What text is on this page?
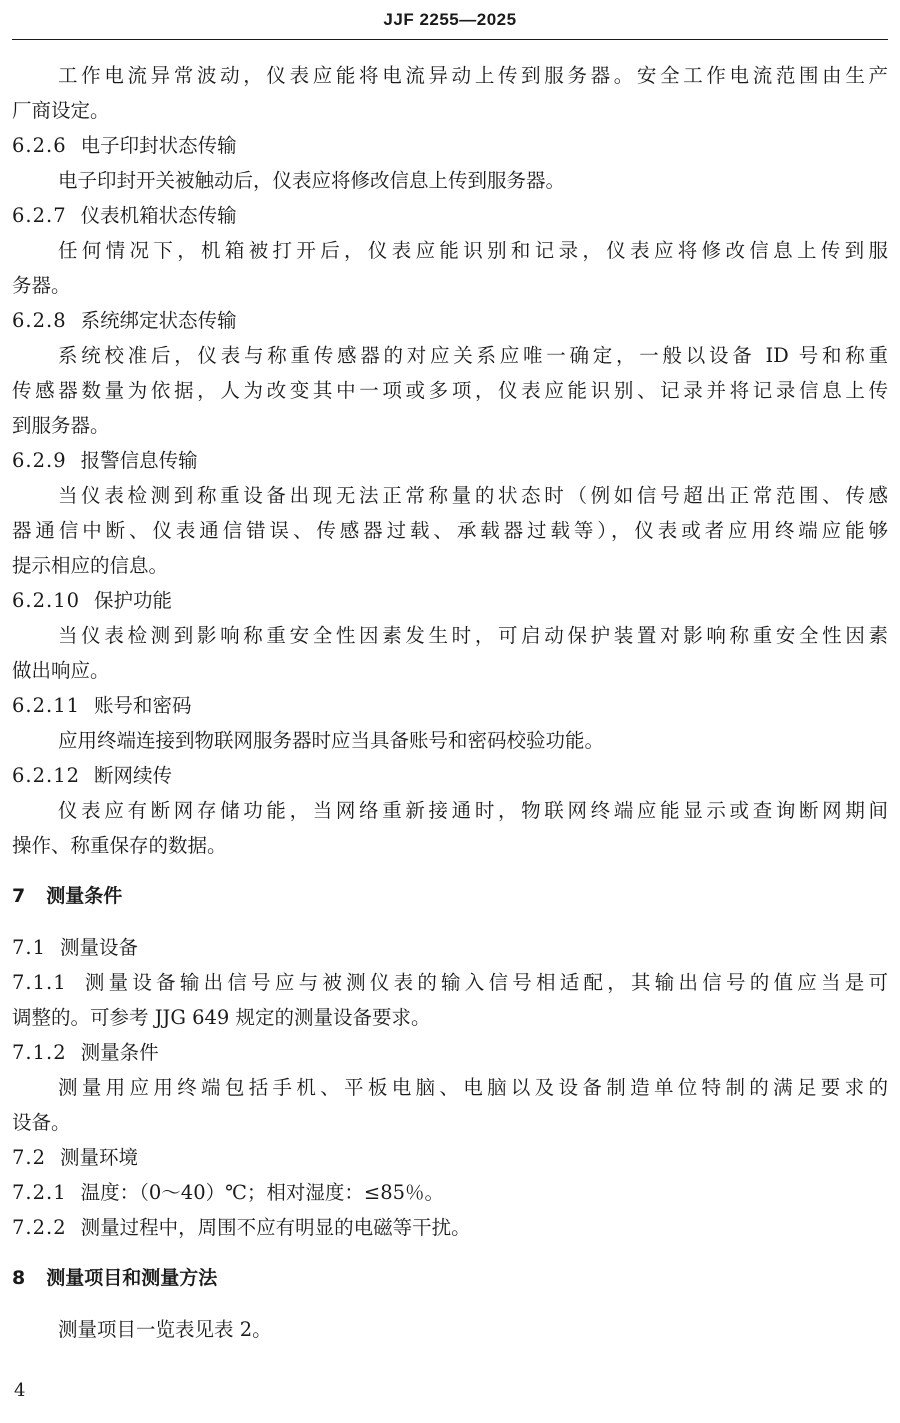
JJF 2255—2025
工作电流异常波动，仪表应能将电流异动上传到服务器。安全工作电流范围由生产
厂商设定。
6.2.6 电子印封状态传输
电子印封开关被触动后，仪表应将修改信息上传到服务器。
6.2.7 仪表机箱状态传输
任何情况下，机箱被打开后，仪表应能识别和记录，仪表应将修改信息上传到服
务器。
6.2.8 系统绑定状态传输
系统校准后，仪表与称重传感器的对应关系应唯一确定，一般以设备 ID 号和称重
传感器数量为依据，人为改变其中一项或多项，仪表应能识别、记录并将记录信息上传
到服务器。
6.2.9 报警信息传输
当仪表检测到称重设备出现无法正常称量的状态时（例如信号超出正常范围、传感
器通信中断、仪表通信错误、传感器过载、承载器过载等），仪表或者应用终端应能够
提示相应的信息。
6.2.10 保护功能
当仪表检测到影响称重安全性因素发生时，可启动保护装置对影响称重安全性因素
做出响应。
6.2.11 账号和密码
应用终端连接到物联网服务器时应当具备账号和密码校验功能。
6.2.12 断网续传
仪表应有断网存储功能，当网络重新接通时，物联网终端应能显示或查询断网期间
操作、称重保存的数据。
7 测量条件
7.1 测量设备
7.1.1 测量设备输出信号应与被测仪表的输入信号相适配，其输出信号的值应当是可
调整的。可参考 JJG 649 规定的测量设备要求。
7.1.2 测量条件
测量用应用终端包括手机、平板电脑、电脑以及设备制造单位特制的满足要求的
设备。
7.2 测量环境
7.2.1 温度：（0～40）℃；相对湿度：≤85％。
7.2.2 测量过程中，周围不应有明显的电磁等干扰。
8 测量项目和测量方法
测量项目一览表见表 2。
4
